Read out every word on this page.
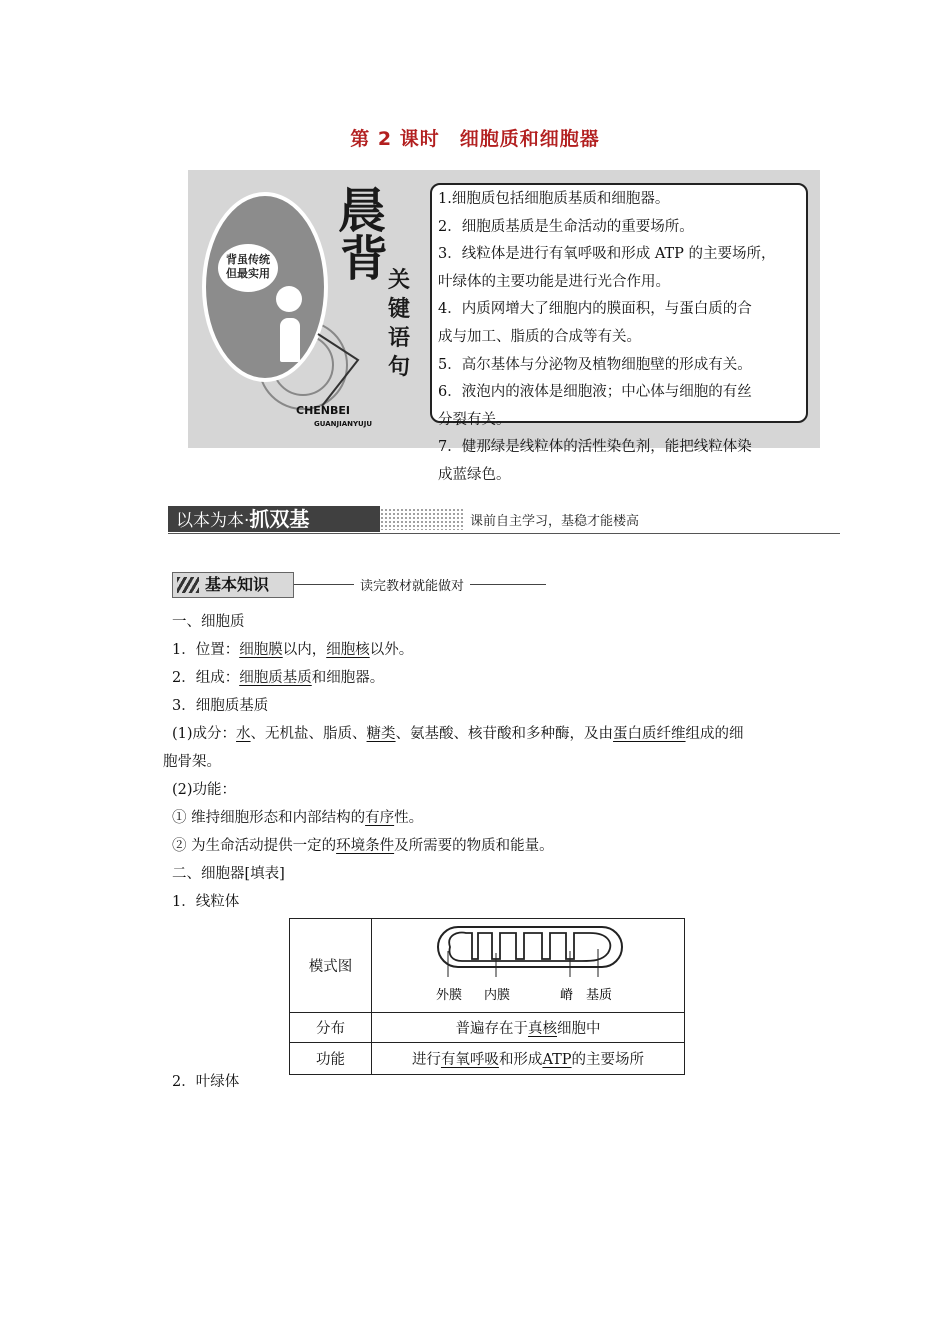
第 2 课时　细胞质和细胞器
背虽传统
但最实用
晨
背 关
键
语
句
CHENBEI
GUANJIANYUJU
1.细胞质包括细胞质基质和细胞器。
2．细胞质基质是生命活动的重要场所。
3．线粒体是进行有氧呼吸和形成 ATP 的主要场所，
叶绿体的主要功能是进行光合作用。
4．内质网增大了细胞内的膜面积，与蛋白质的合
成与加工、脂质的合成等有关。
5．高尔基体与分泌物及植物细胞壁的形成有关。
6．液泡内的液体是细胞液；中心体与细胞的有丝
分裂有关。
7．健那绿是线粒体的活性染色剂，能把线粒体染
成蓝绿色。
以本为本·抓双基	课前自主学习，基稳才能楼高
基本知识	读完教材就能做对
一、细胞质
1．位置：细胞膜以内，细胞核以外。
2．组成：细胞质基质和细胞器。
3．细胞质基质
(1)成分：水、无机盐、脂质、糖类、氨基酸、核苷酸和多种酶，及由蛋白质纤维组成的细
胞骨架。
(2)功能：
① 维持细胞形态和内部结构的有序性。
② 为生命活动提供一定的环境条件及所需要的物质和能量。
二、细胞器[填表]
1．线粒体
模式图	外膜 内膜 嵴 基质

分布	普遍存在于真核细胞中
功能	进行有氧呼吸和形成ATP的主要场所
2．叶绿体
